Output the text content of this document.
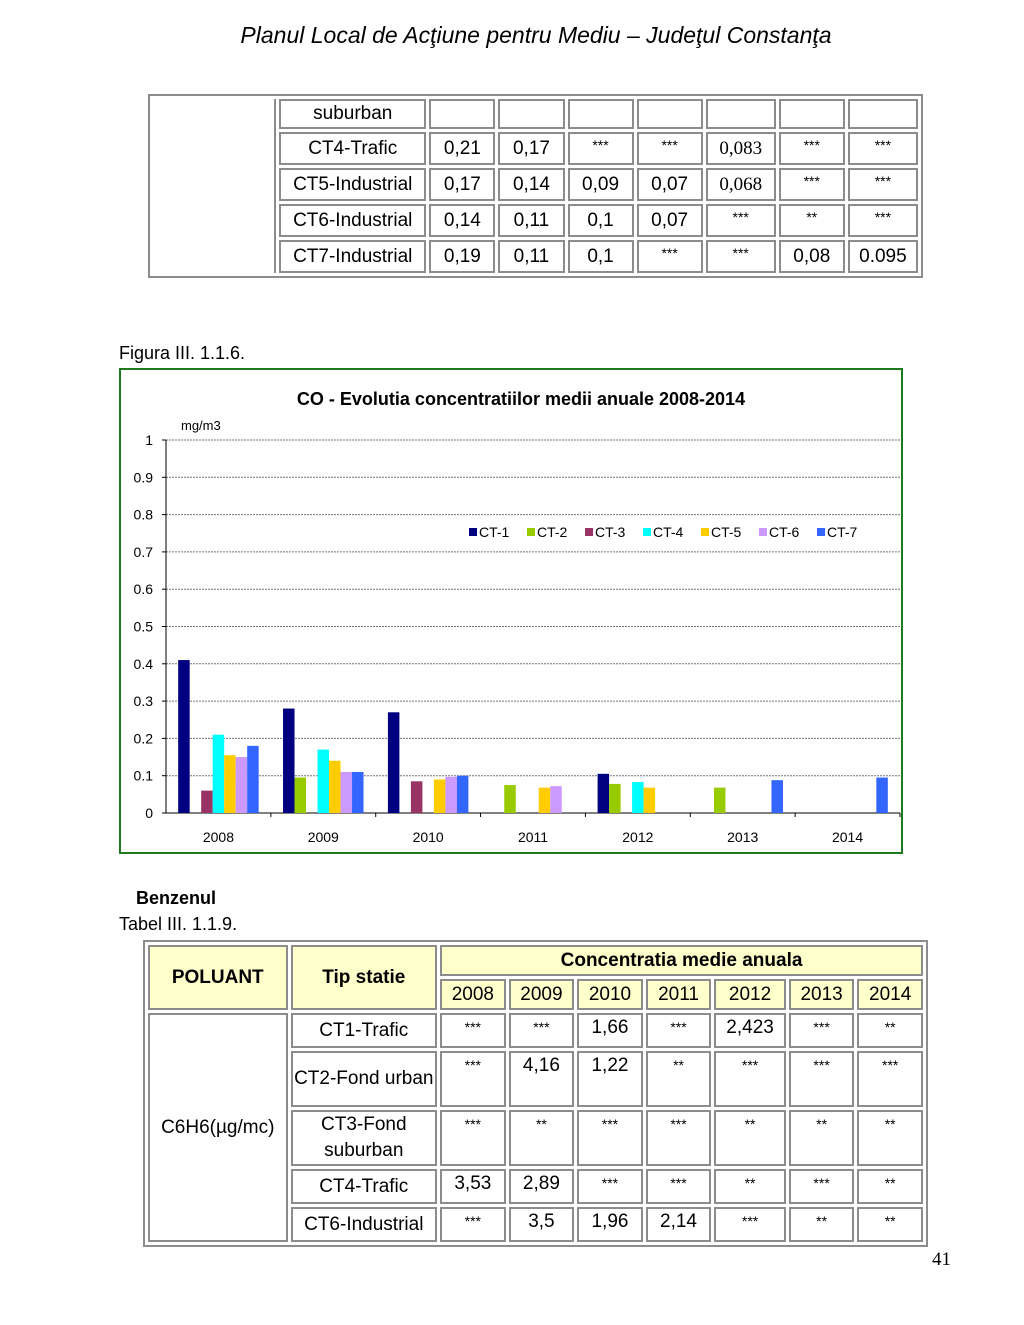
Planul Local de Acţiune pentru Mediu – Judeţul Constanţa
	suburban							
	CT4-Trafic	0,21	0,17	***	***	0,083	***	***
	CT5-Industrial	0,17	0,14	0,09	0,07	0,068	***	***
	CT6-Industrial	0,14	0,11	0,1	0,07	***	**	***
	CT7-Industrial	0,19	0,11	0,1	***	***	0,08	0.095
Figura III. 1.1.6.
CO - Evolutia concentratiilor medii anuale 2008-2014
mg/m3
0
0.1
0.2
0.3
0.4
0.5
0.6
0.7
0.8
0.9
1
2008	2009	2010	2011	2012	2013	2014
CT-1 CT-2 CT-3 CT-4 CT-5 CT-6 CT-7
Benzenul
Tabel III. 1.1.9.
POLUANT	Tip statie	Concentratia medie anuala						
		2008	2009	2010	2011	2012	2013	2014
C6H6(µg/mc)	CT1-Trafic	***	***	1,66	***	2,423	***	**
	CT2-Fond urban	***	4,16	1,22	**	***	***	***
	CT3-Fond suburban	***	**	***	***	**	**	**
	CT4-Trafic	3,53	2,89	***	***	**	***	**
	CT6-Industrial	***	3,5	1,96	2,14	***	**	**
41
